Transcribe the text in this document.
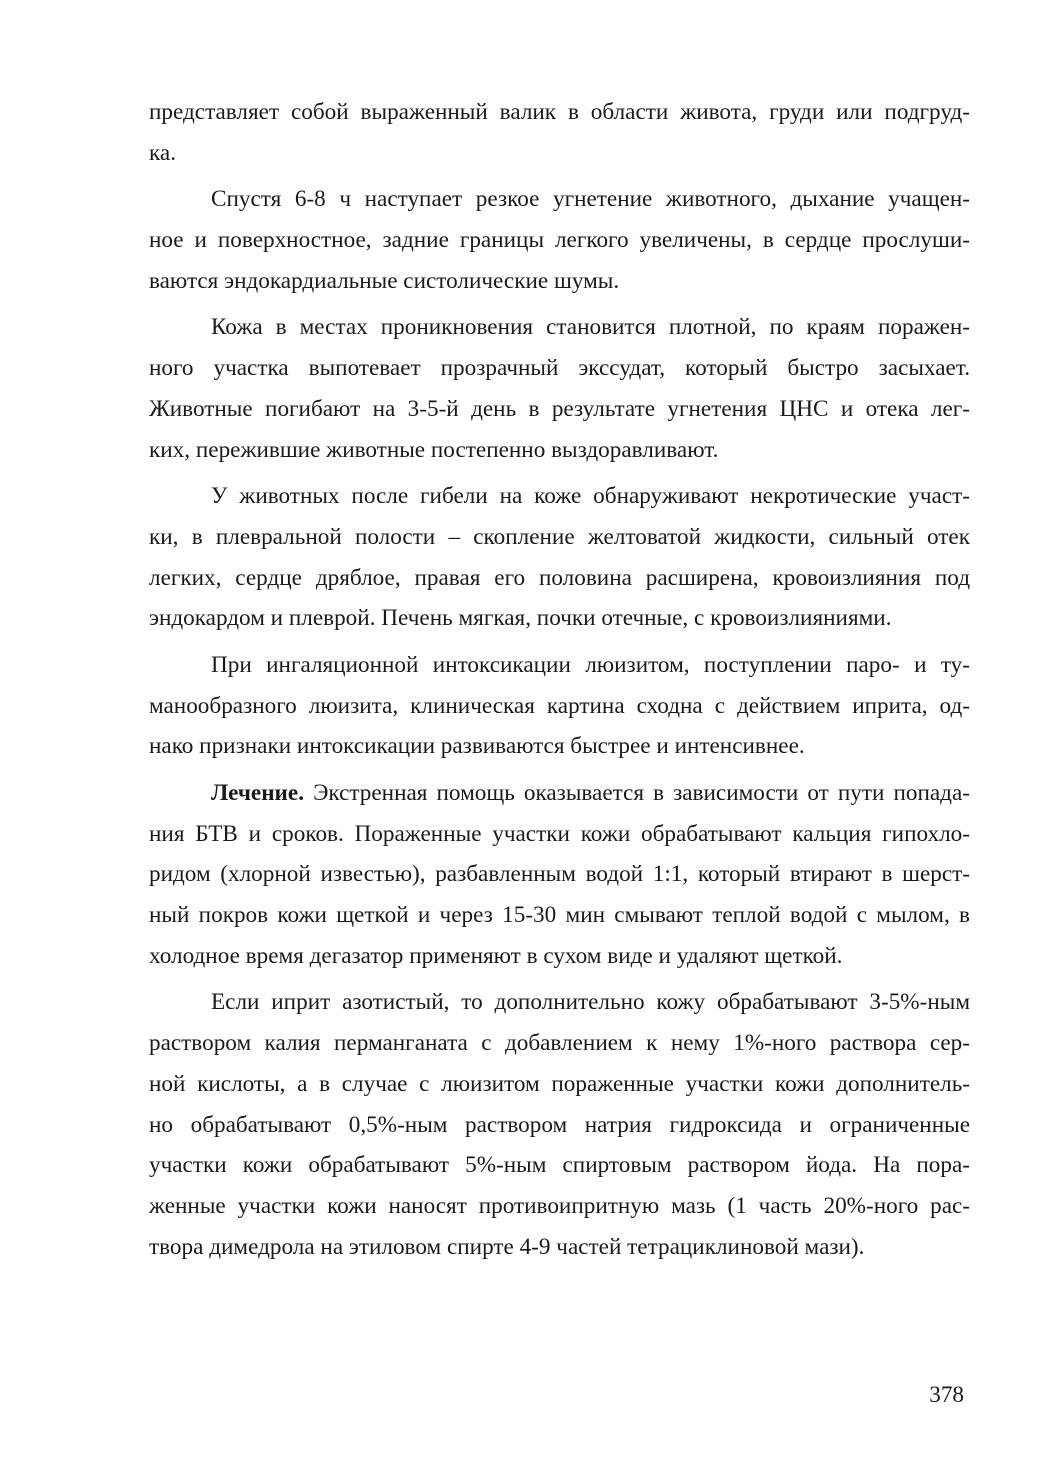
представляет собой выраженный валик в области живота, груди или подгруд-
ка.
Спустя 6-8 ч наступает резкое угнетение животного, дыхание учащен-
ное и поверхностное, задние границы легкого увеличены, в сердце прослуши-
ваются эндокардиальные систолические шумы.
Кожа в местах проникновения становится плотной, по краям поражен-
ного участка выпотевает прозрачный экссудат, который быстро засыхает.
Животные погибают на 3-5-й день в результате угнетения ЦНС и отека лег-
ких, пережившие животные постепенно выздоравливают.
У животных после гибели на коже обнаруживают некротические участ-
ки, в плевральной полости – скопление желтоватой жидкости, сильный отек
легких, сердце дряблое, правая его половина расширена, кровоизлияния под
эндокардом и плеврой. Печень мягкая, почки отечные, с кровоизлияниями.
При ингаляционной интоксикации люизитом, поступлении паро- и ту-
манообразного люизита, клиническая картина сходна с действием иприта, од-
нако признаки интоксикации развиваются быстрее и интенсивнее.
Лечение. Экстренная помощь оказывается в зависимости от пути попада-
ния БТВ и сроков. Пораженные участки кожи обрабатывают кальция гипохло-
ридом (хлорной известью), разбавленным водой 1:1, который втирают в шерст-
ный покров кожи щеткой и через 15-30 мин смывают теплой водой с мылом, в
холодное время дегазатор применяют в сухом виде и удаляют щеткой.
Если иприт азотистый, то дополнительно кожу обрабатывают 3-5%-ным
раствором калия перманганата с добавлением к нему 1%-ного раствора сер-
ной кислоты, а в случае с люизитом пораженные участки кожи дополнитель-
но обрабатывают 0,5%-ным раствором натрия гидроксида и ограниченные
участки кожи обрабатывают 5%-ным спиртовым раствором йода. На пора-
женные участки кожи наносят противоипритную мазь (1 часть 20%-ного рас-
твора димедрола на этиловом спирте 4-9 частей тетрациклиновой мази).
378
